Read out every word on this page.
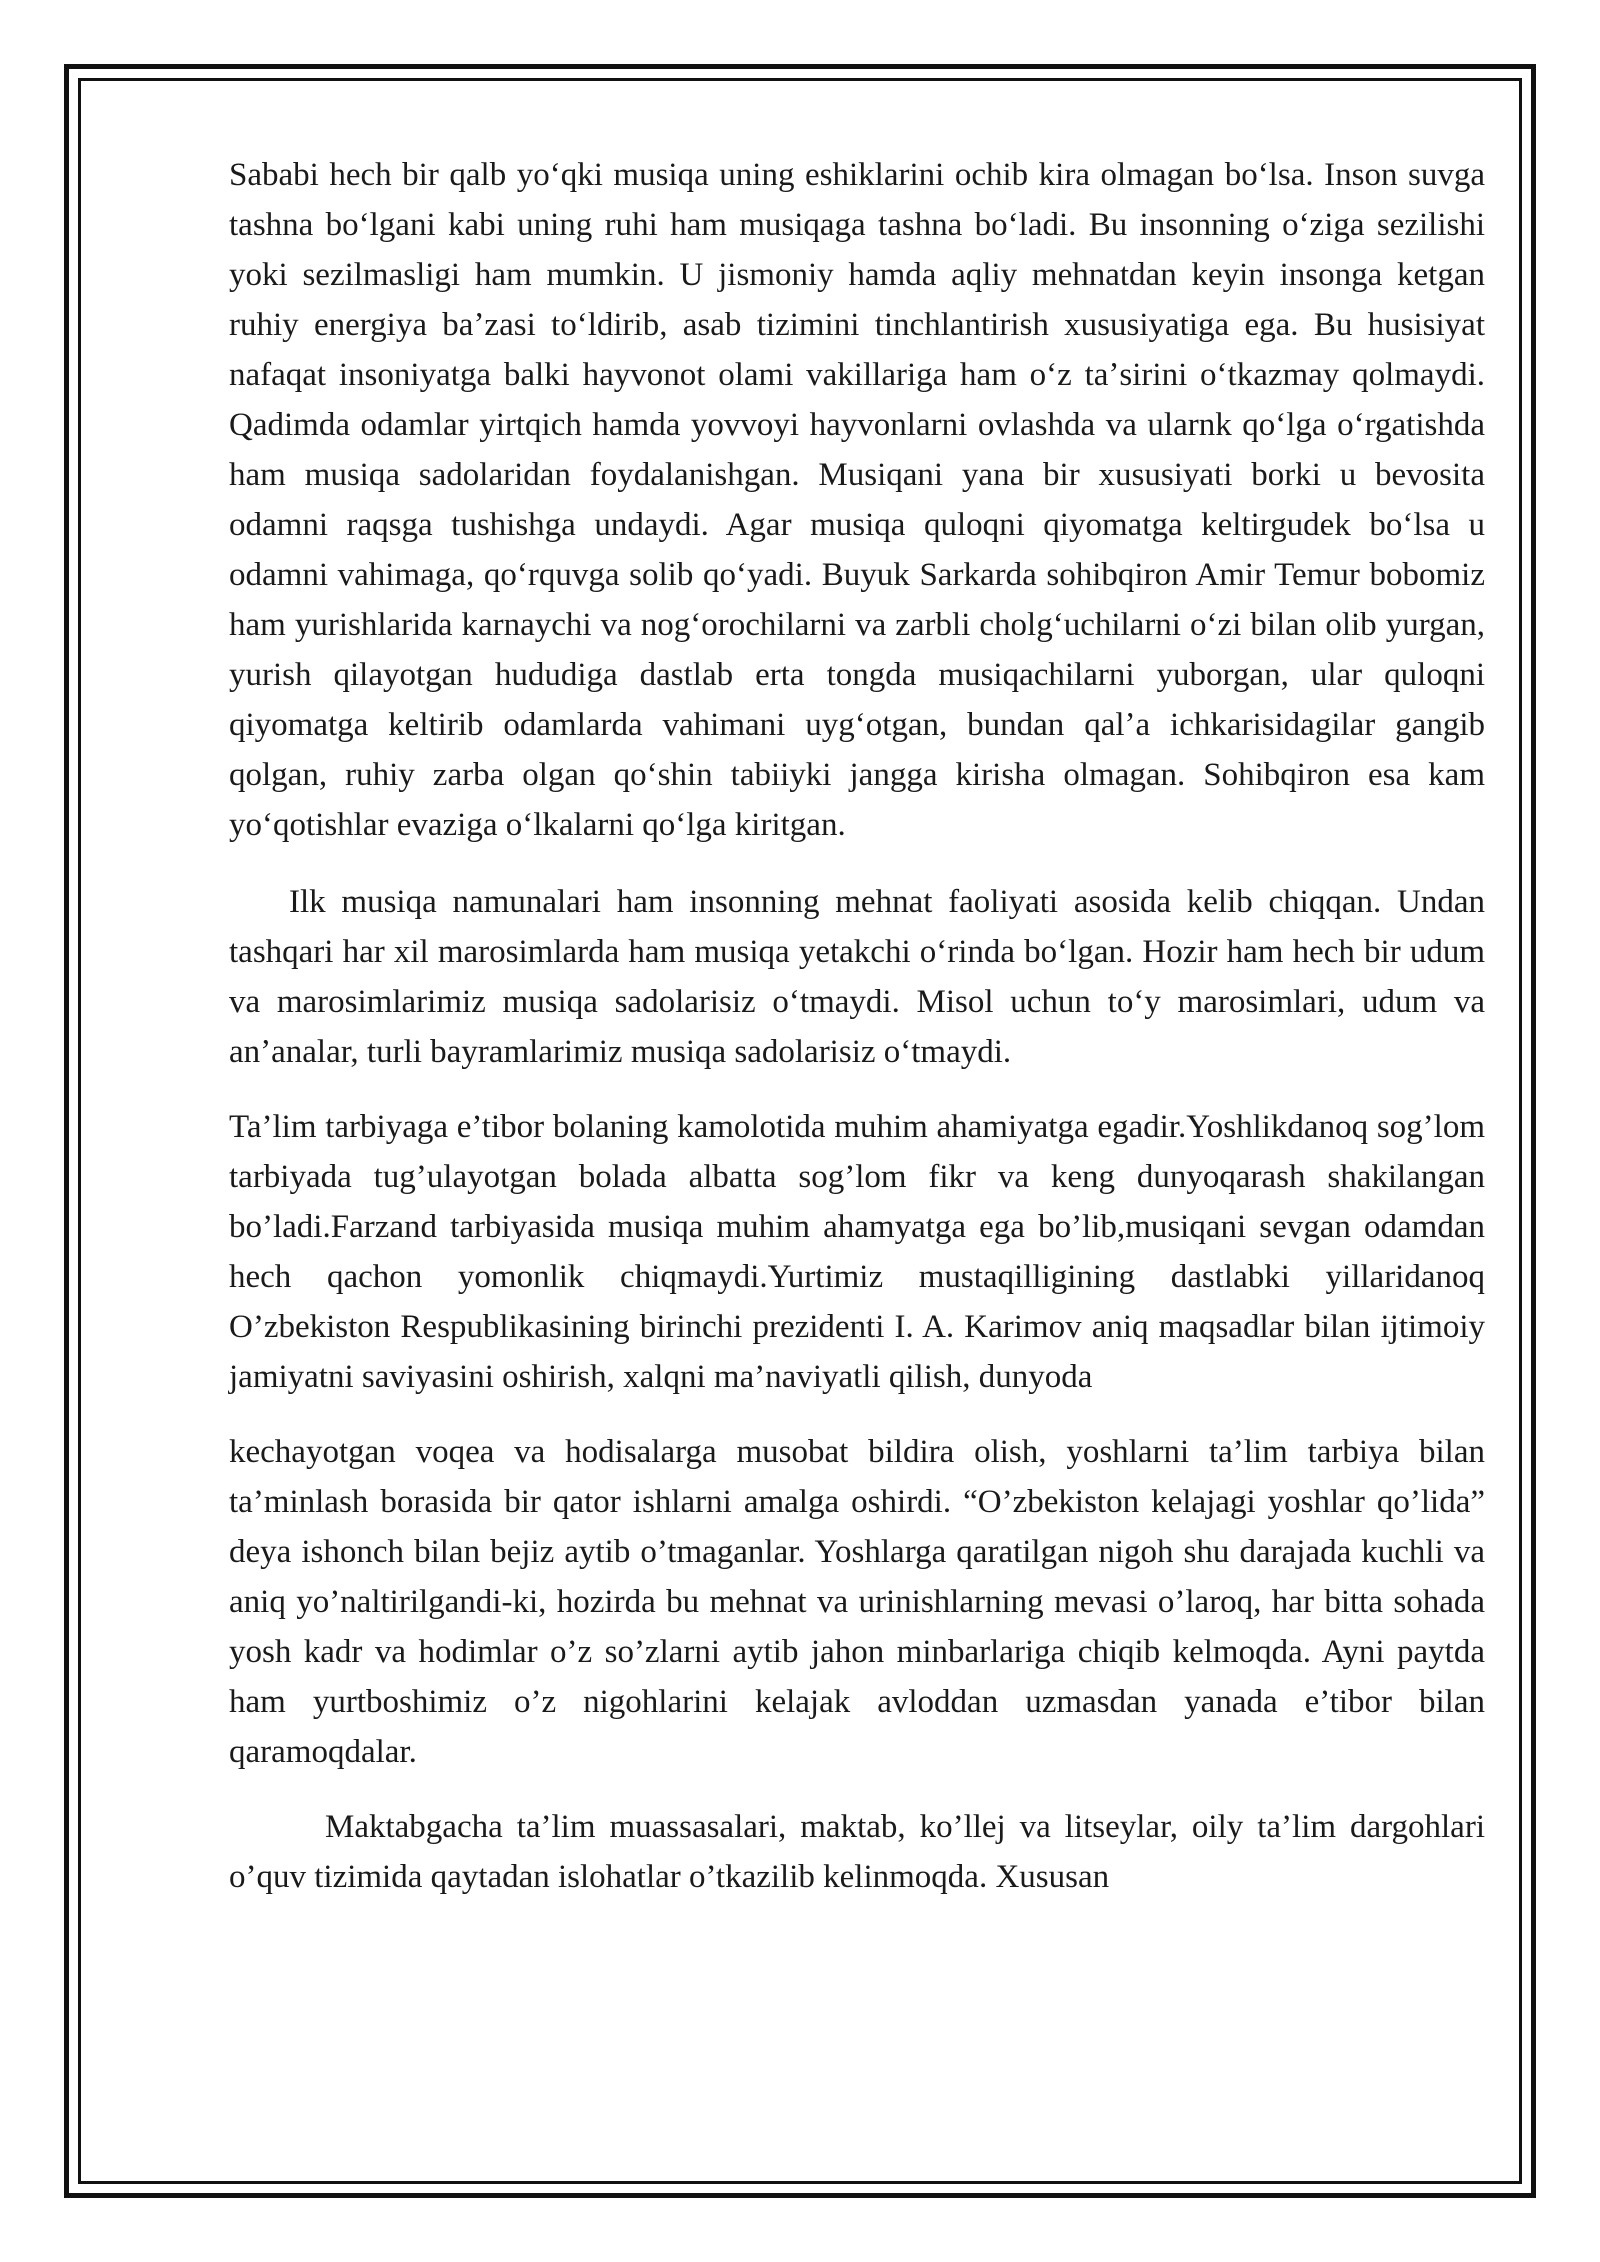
Sababi hech bir qalb yoʻqki musiqa uning eshiklarini ochib kira olmagan boʻlsa. Inson suvga tashna boʻlgani kabi uning ruhi ham musiqaga tashna boʻladi. Bu insonning oʻziga sezilishi yoki sezilmasligi ham mumkin. U jismoniy hamda aqliy mehnatdan keyin insonga ketgan ruhiy energiya baʼzasi toʻldirib, asab tizimini tinchlantirish xususiyatiga ega. Bu husisiyat nafaqat insoniyatga balki hayvonot olami vakillariga ham oʻz taʼsirini oʻtkazmay qolmaydi. Qadimda odamlar yirtqich hamda yovvoyi hayvonlarni ovlashda va ularnk qoʻlga oʻrgatishda ham musiqa sadolaridan foydalanishgan. Musiqani yana bir xususiyati borki u bevosita odamni raqsga tushishga undaydi. Agar musiqa quloqni qiyomatga keltirgudek boʻlsa u odamni vahimaga, qoʻrquvga solib qoʻyadi. Buyuk Sarkarda sohibqiron Amir Temur bobomiz ham yurishlarida karnaychi va nogʻorochilarni va zarbli cholgʻuchilarni oʻzi bilan olib yurgan, yurish qilayotgan hududiga dastlab erta tongda musiqachilarni yuborgan, ular quloqni qiyomatga keltirib odamlarda vahimani uygʻotgan, bundan qalʼa ichkarisidagilar gangib qolgan, ruhiy zarba olgan qoʻshin tabiiyki jangga kirisha olmagan. Sohibqiron esa kam yoʻqotishlar evaziga oʻlkalarni qoʻlga kiritgan.

Ilk musiqa namunalari ham insonning mehnat faoliyati asosida kelib chiqqan. Undan tashqari har xil marosimlarda ham musiqa yetakchi oʻrinda boʻlgan. Hozir ham hech bir udum va marosimlarimiz musiqa sadolarisiz oʻtmaydi. Misol uchun toʻy marosimlari, udum va anʼanalar, turli bayramlarimiz musiqa sadolarisiz oʻtmaydi.

Ta’lim tarbiyaga e’tibor bolaning kamolotida muhim ahamiyatga egadir.Yoshlikdanoq sog’lom tarbiyada tug’ulayotgan bolada albatta sog’lom fikr va keng dunyoqarash shakilangan bo’ladi.Farzand tarbiyasida musiqa muhim ahamyatga ega bo’lib,musiqani sevgan odamdan hech qachon yomonlik chiqmaydi.Yurtimiz mustaqilligining dastlabki yillaridanoq O’zbekiston Respublikasining birinchi prezidenti I. A. Karimov aniq maqsadlar bilan ijtimoiy jamiyatni saviyasini oshirish, xalqni ma’naviyatli qilish, dunyoda

kechayotgan voqea va hodisalarga musobat bildira olish, yoshlarni ta’lim tarbiya bilan ta’minlash borasida bir qator ishlarni amalga oshirdi. “O’zbekiston kelajagi yoshlar qo’lida” deya ishonch bilan bejiz aytib o’tmaganlar. Yoshlarga qaratilgan nigoh shu darajada kuchli va aniq yo’naltirilgandi-ki, hozirda bu mehnat va urinishlarning mevasi o’laroq, har bitta sohada yosh kadr va hodimlar o’z so’zlarni aytib jahon minbarlariga chiqib kelmoqda. Ayni paytda ham yurtboshimiz o’z nigohlarini kelajak avloddan uzmasdan yanada e’tibor bilan qaramoqdalar.

Maktabgacha ta’lim muassasalari, maktab, ko’llej va litseylar, oily ta’lim dargohlari o’quv tizimida qaytadan islohatlar o’tkazilib kelinmoqda. Xususan
